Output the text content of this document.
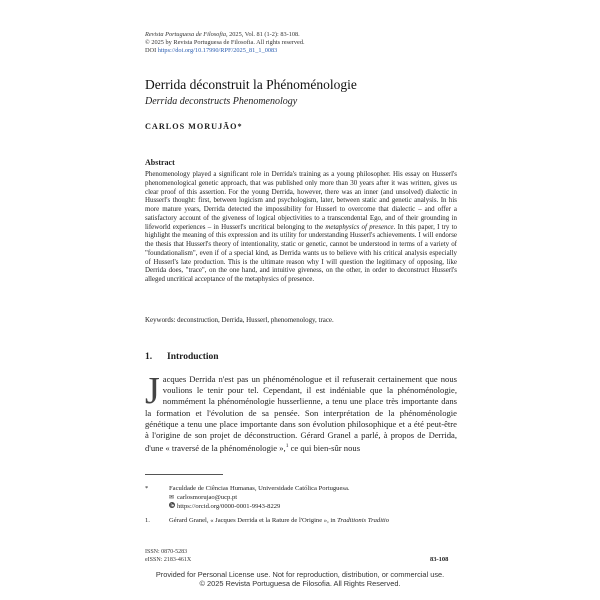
Revista Portuguesa de Filosofia, 2025, Vol. 81 (1-2): 83-108.
© 2025 by Revista Portuguesa de Filosofia. All rights reserved.
DOI https://doi.org/10.17990/RPF/2025_81_1_0083
Derrida déconstruit la Phénoménologie
Derrida deconstructs Phenomenology
CARLOS MORUJÃO*
Abstract
Phenomenology played a significant role in Derrida's training as a young philosopher. His essay on Husserl's phenomenological genetic approach, that was published only more than 30 years after it was written, gives us clear proof of this assertion. For the young Derrida, however, there was an inner (and unsolved) dialectic in Husserl's thought: first, between logicism and psychologism, later, between static and genetic analysis. In his more mature years, Derrida detected the impossibility for Husserl to overcome that dialectic – and offer a satisfactory account of the giveness of logical objectivities to a transcendental Ego, and of their grounding in lifeworld experiences – in Husserl's uncritical belonging to the metaphysics of presence. In this paper, I try to highlight the meaning of this expression and its utility for understanding Husserl's achievements. I will endorse the thesis that Husserl's theory of intentionality, static or genetic, cannot be understood in terms of a variety of "foundationalism", even if of a special kind, as Derrida wants us to believe with his critical analysis especially of Husserl's late production. This is the ultimate reason why I will question the legitimacy of opposing, like Derrida does, "trace", on the one hand, and intuitive giveness, on the other, in order to deconstruct Husserl's alleged uncritical acceptance of the metaphysics of presence.
Keywords: deconstruction, Derrida, Husserl, phenomenology, trace.
1. Introduction
Jacques Derrida n'est pas un phénoménologue et il refuserait certainement que nous voulions le tenir pour tel. Cependant, il est indéniable que la phénoménologie, nommément la phénoménologie husserlienne, a tenu une place très importante dans la formation et l'évolution de sa pensée. Son interprétation de la phénoménologie génétique a tenu une place importante dans son évolution philosophique et a été peut-être à l'origine de son projet de déconstruction. Gérard Granel a parlé, à propos de Derrida, d'une « traversé de la phénoménologie »,$^1$ ce qui bien-sûr nous
*	Faculdade de Ciências Humanas, Universidade Católica Portuguesa.
✉ carlosmorujao@ucp.pt
https://orcid.org/0000-0001-9943-8229
1.	Gérard Granel, « Jacques Derrida et la Rature de l'Origine », in Traditionis Traditio
ISSN: 0870-5283
eISSN: 2183-461X	83-108
Provided for Personal License use. Not for reproduction, distribution, or commercial use.
© 2025 Revista Portuguesa de Filosofia. All Rights Reserved.
